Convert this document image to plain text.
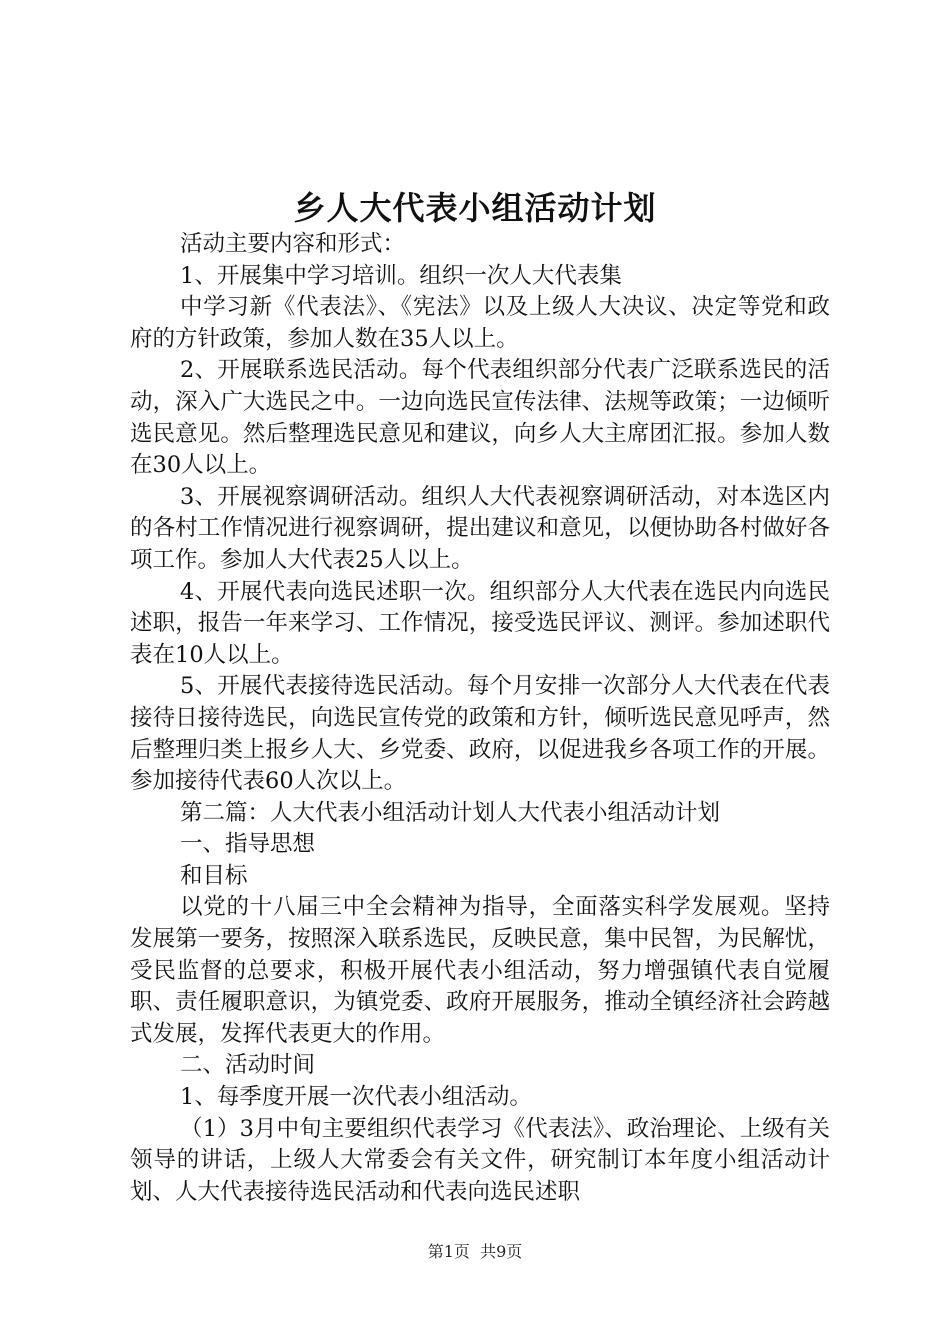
乡人大代表小组活动计划

活动主要内容和形式：

1、开展集中学习培训。组织一次人大代表集

中学习新《代表法》、《宪法》以及上级人大决议、决定等党和政府的方针政策，参加人数在35人以上。

2、开展联系选民活动。每个代表组织部分代表广泛联系选民的活动，深入广大选民之中。一边向选民宣传法律、法规等政策；一边倾听选民意见。然后整理选民意见和建议，向乡人大主席团汇报。参加人数在30人以上。

3、开展视察调研活动。组织人大代表视察调研活动，对本选区内的各村工作情况进行视察调研，提出建议和意见，以便协助各村做好各项工作。参加人大代表25人以上。

4、开展代表向选民述职一次。组织部分人大代表在选民内向选民述职，报告一年来学习、工作情况，接受选民评议、测评。参加述职代表在10人以上。

5、开展代表接待选民活动。每个月安排一次部分人大代表在代表接待日接待选民，向选民宣传党的政策和方针，倾听选民意见呼声，然后整理归类上报乡人大、乡党委、政府，以促进我乡各项工作的开展。参加接待代表60人次以上。

第二篇：人大代表小组活动计划人大代表小组活动计划

一、指导思想

和目标

以党的十八届三中全会精神为指导，全面落实科学发展观。坚持发展第一要务，按照深入联系选民，反映民意，集中民智，为民解忧，受民监督的总要求，积极开展代表小组活动，努力增强镇代表自觉履职、责任履职意识，为镇党委、政府开展服务，推动全镇经济社会跨越式发展，发挥代表更大的作用。

二、活动时间

1、每季度开展一次代表小组活动。

（1）3月中旬主要组织代表学习《代表法》、政治理论、上级有关领导的讲话，上级人大常委会有关文件，研究制订本年度小组活动计划、人大代表接待选民活动和代表向选民述职

第1页 共9页
